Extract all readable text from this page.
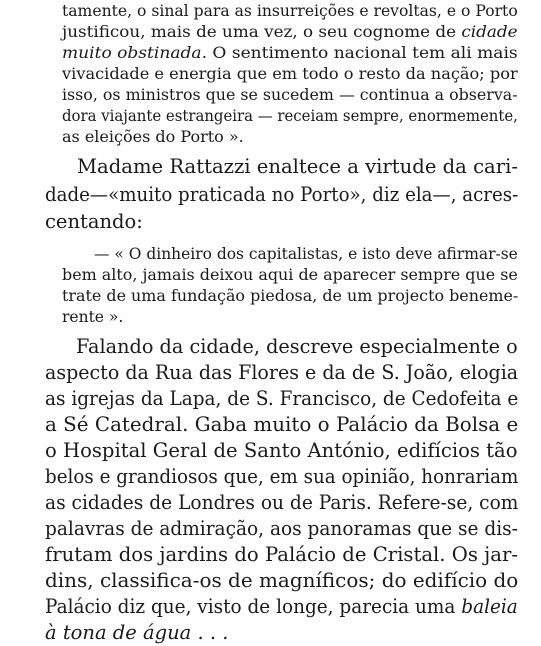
tamente, o sinal para as insurreições e revoltas, e o Porto

justificou, mais de uma vez, o seu cognome de cidade

muito obstinada. O sentimento nacional tem ali mais

vivacidade e energia que em todo o resto da nação; por

isso, os ministros que se sucedem — continua a observa-

dora viajante estrangeira — receiam sempre, enormemente,

as eleições do Porto ».

Madame Rattazzi enaltece a virtude da cari-

dade—«muito praticada no Porto», diz ela—, acres-

centando:

— « O dinheiro dos capitalistas, e isto deve afirmar-se

bem alto, jamais deixou aqui de aparecer sempre que se

trate de uma fundação piedosa, de um projecto beneme-

rente ».

Falando da cidade, descreve especialmente o

aspecto da Rua das Flores e da de S. João, elogia

as igrejas da Lapa, de S. Francisco, de Cedofeita e

a Sé Catedral. Gaba muito o Palácio da Bolsa e

o Hospital Geral de Santo António, edifícios tão

belos e grandiosos que, em sua opinião, honrariam

as cidades de Londres ou de Paris. Refere-se, com

palavras de admiração, aos panoramas que se dis-

frutam dos jardins do Palácio de Cristal. Os jar-

dins, classifica-os de magníficos; do edifício do

Palácio diz que, visto de longe, parecia uma baleia

à tona de água . . .
